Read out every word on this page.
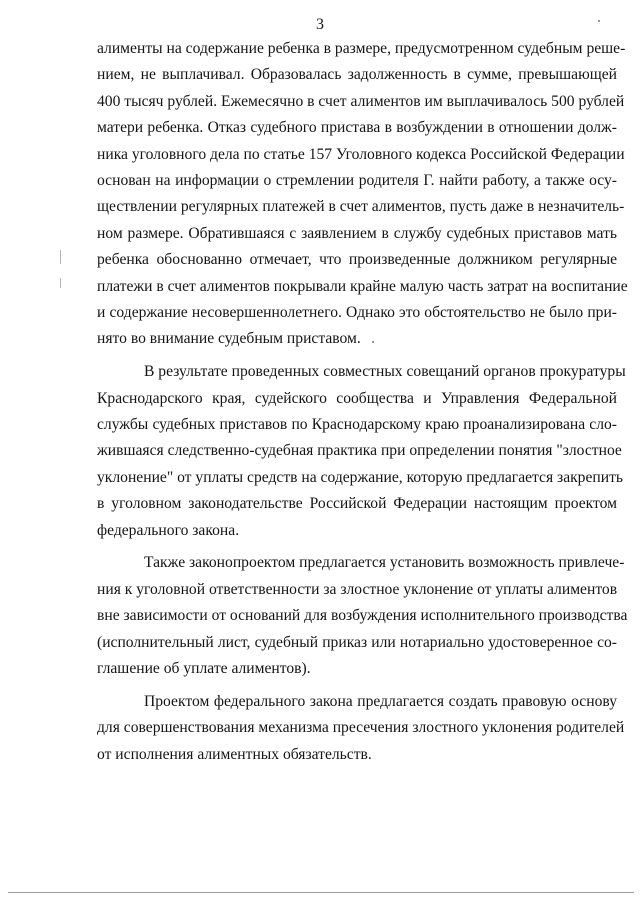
3
алименты на содержание ребенка в размере, предусмотренном судебным реше-
нием, не выплачивал. Образовалась задолженность в сумме, превышающей
400 тысяч рублей. Ежемесячно в счет алиментов им выплачивалось 500 рублей
матери ребенка. Отказ судебного пристава в возбуждении в отношении долж-
ника уголовного дела по статье 157 Уголовного кодекса Российской Федерации
основан на информации о стремлении родителя Г. найти работу, а также осу-
ществлении регулярных платежей в счет алиментов, пусть даже в незначитель-
ном размере. Обратившаяся с заявлением в службу судебных приставов мать
ребенка обоснованно отмечает, что произведенные должником регулярные
платежи в счет алиментов покрывали крайне малую часть затрат на воспитание
и содержание несовершеннолетнего. Однако это обстоятельство не было при-
нято во внимание судебным приставом.
В результате проведенных совместных совещаний органов прокуратуры
Краснодарского края, судейского сообщества и Управления Федеральной
службы судебных приставов по Краснодарскому краю проанализирована сло-
жившаяся следственно-судебная практика при определении понятия "злостное
уклонение" от уплаты средств на содержание, которую предлагается закрепить
в уголовном законодательстве Российской Федерации настоящим проектом
федерального закона.
Также законопроектом предлагается установить возможность привлече-
ния к уголовной ответственности за злостное уклонение от уплаты алиментов
вне зависимости от оснований для возбуждения исполнительного производства
(исполнительный лист, судебный приказ или нотариально удостоверенное со-
глашение об уплате алиментов).
Проектом федерального закона предлагается создать правовую основу
для совершенствования механизма пресечения злостного уклонения родителей
от исполнения алиментных обязательств.
